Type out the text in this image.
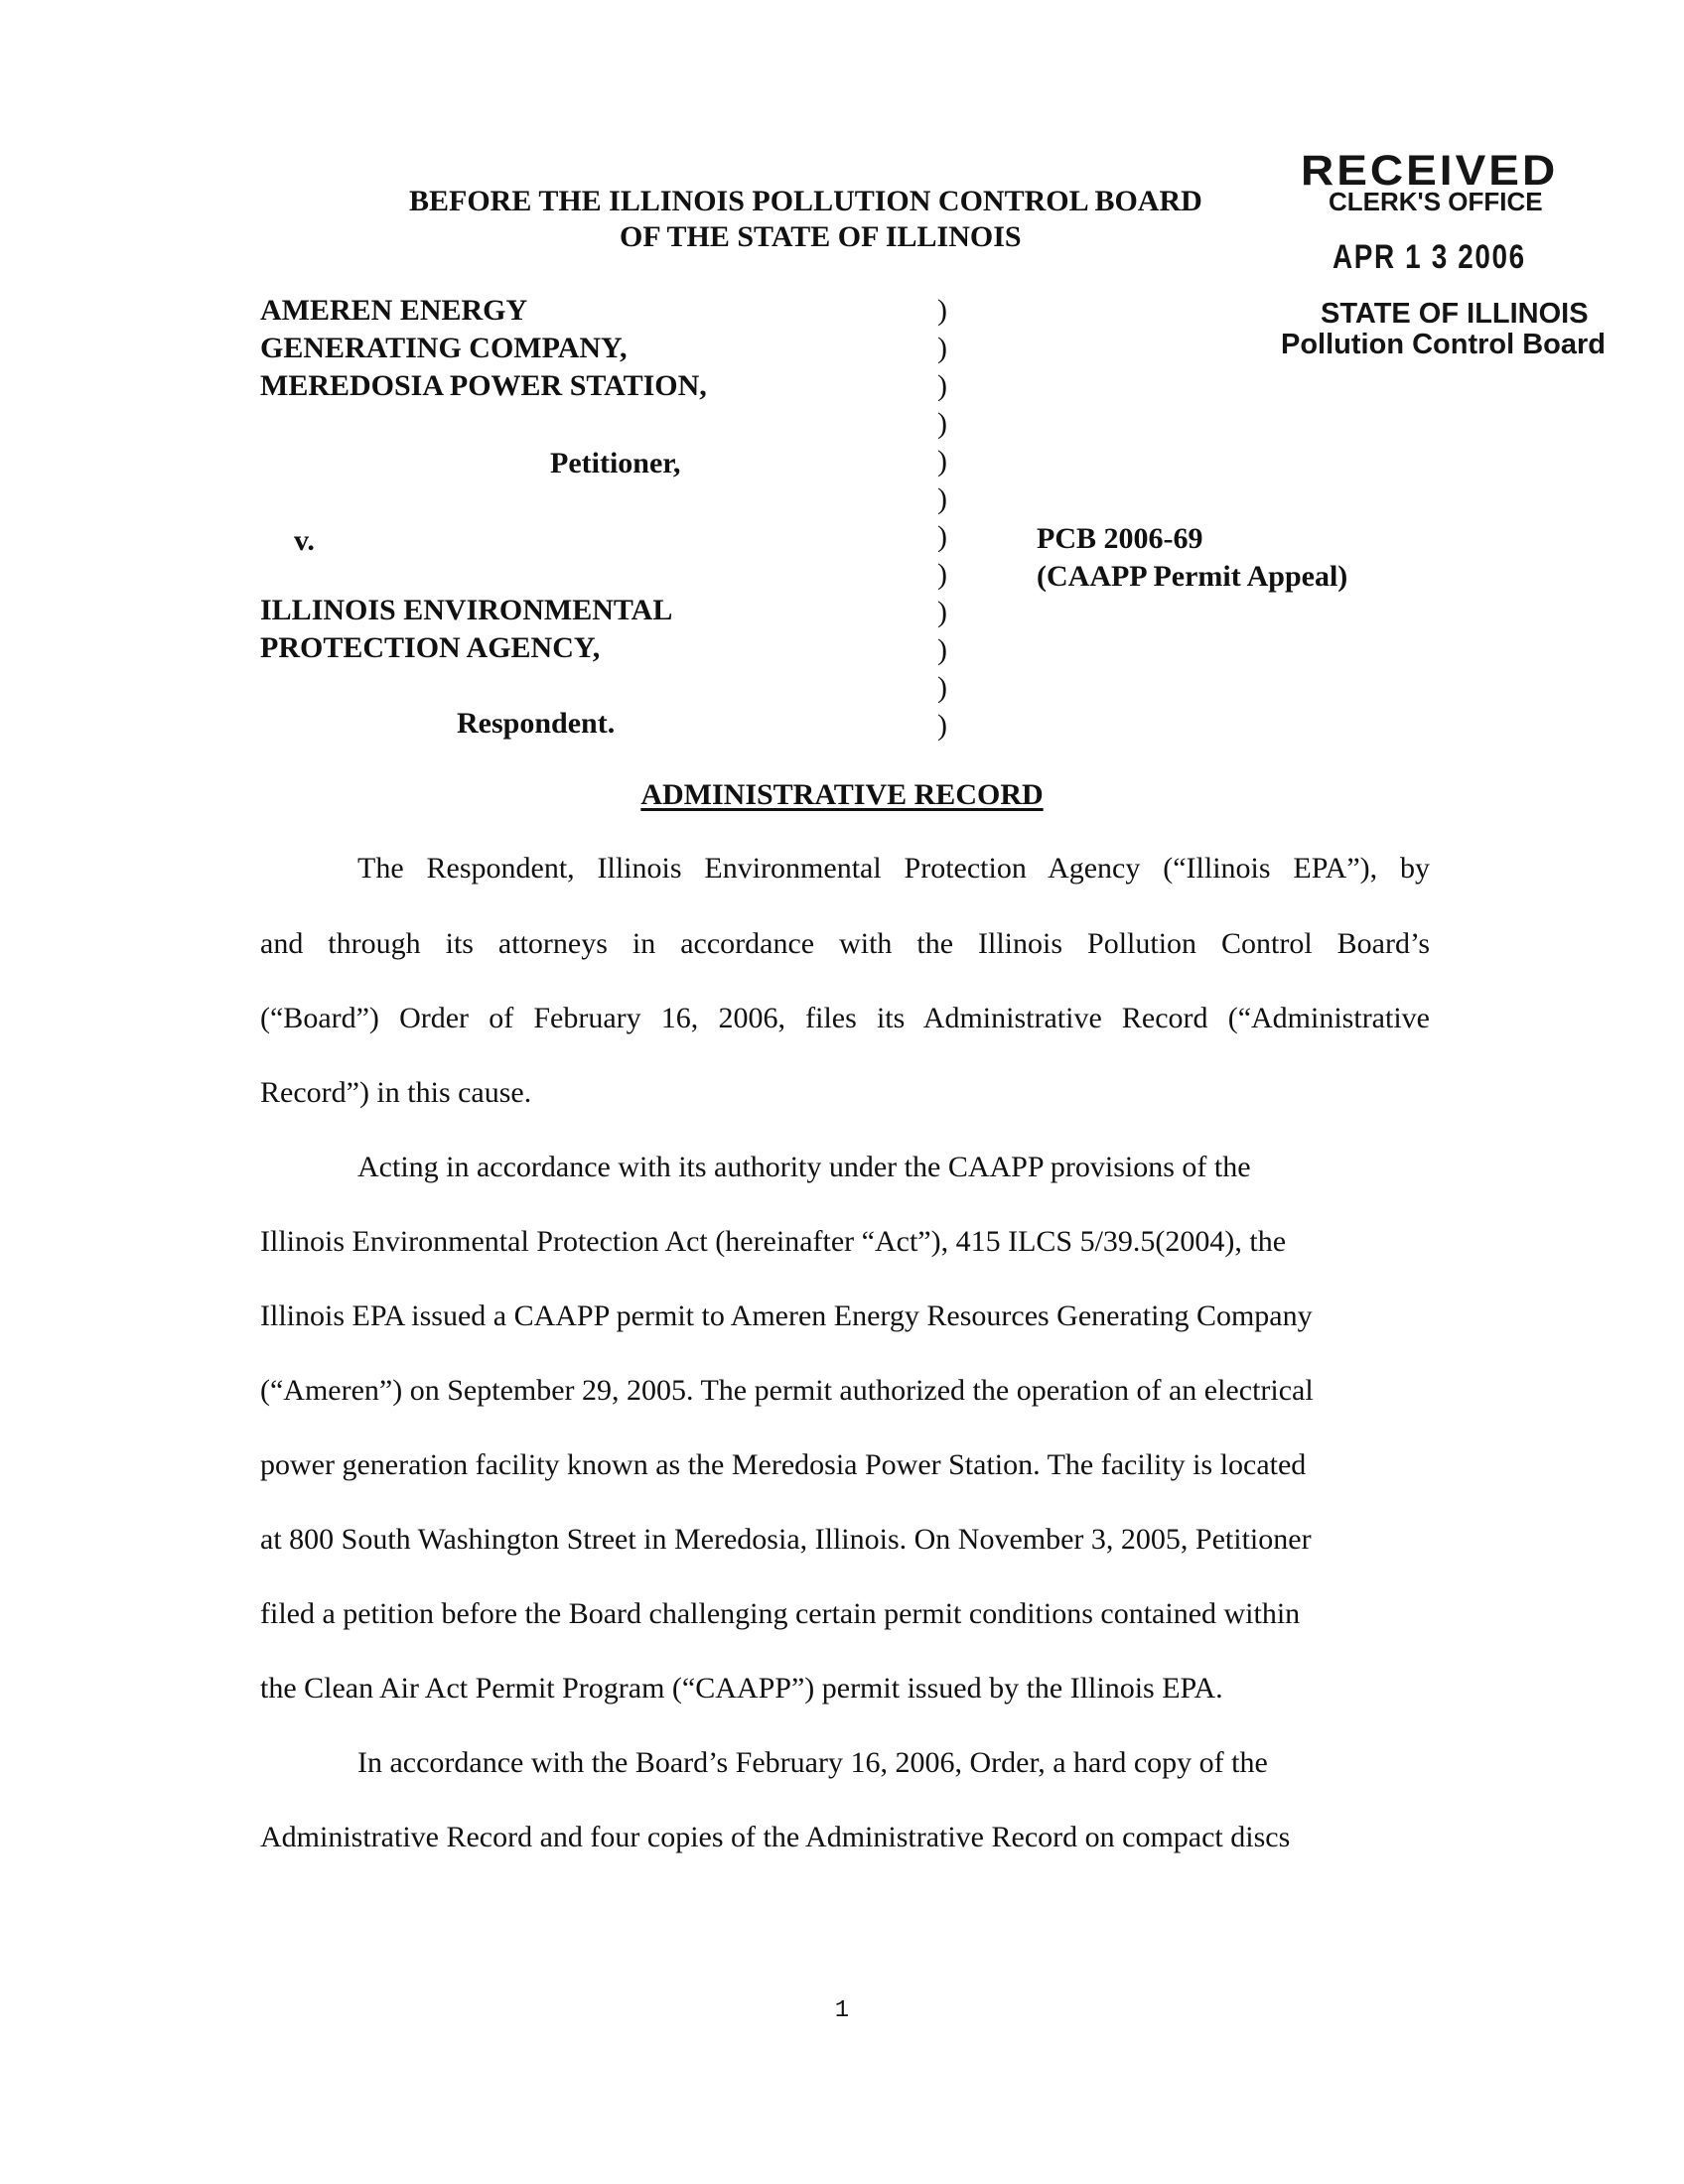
RECEIVED
CLERK'S OFFICE
APR 1 3 2006
STATE OF ILLINOIS
Pollution Control Board
BEFORE THE ILLINOIS POLLUTION CONTROL BOARD
OF THE STATE OF ILLINOIS
AMEREN ENERGY
GENERATING COMPANY,
MEREDOSIA POWER STATION,
Petitioner,
v.
ILLINOIS ENVIRONMENTAL
PROTECTION AGENCY,
Respondent.
)
)
)
)
)
)
)
)
)
)
)
)
PCB 2006-69
(CAAPP Permit Appeal)
ADMINISTRATIVE RECORD
The Respondent, Illinois Environmental Protection Agency (“Illinois EPA”), by
and through its attorneys in accordance with the Illinois Pollution Control Board’s
(“Board”) Order of February 16, 2006, files its Administrative Record (“Administrative
Record”) in this cause.
Acting in accordance with its authority under the CAAPP provisions of the
Illinois Environmental Protection Act (hereinafter “Act”), 415 ILCS 5/39.5(2004), the
Illinois EPA issued a CAAPP permit to Ameren Energy Resources Generating Company
(“Ameren”) on September 29, 2005. The permit authorized the operation of an electrical
power generation facility known as the Meredosia Power Station. The facility is located
at 800 South Washington Street in Meredosia, Illinois. On November 3, 2005, Petitioner
filed a petition before the Board challenging certain permit conditions contained within
the Clean Air Act Permit Program (“CAAPP”) permit issued by the Illinois EPA.
In accordance with the Board’s February 16, 2006, Order, a hard copy of the
Administrative Record and four copies of the Administrative Record on compact discs
1
